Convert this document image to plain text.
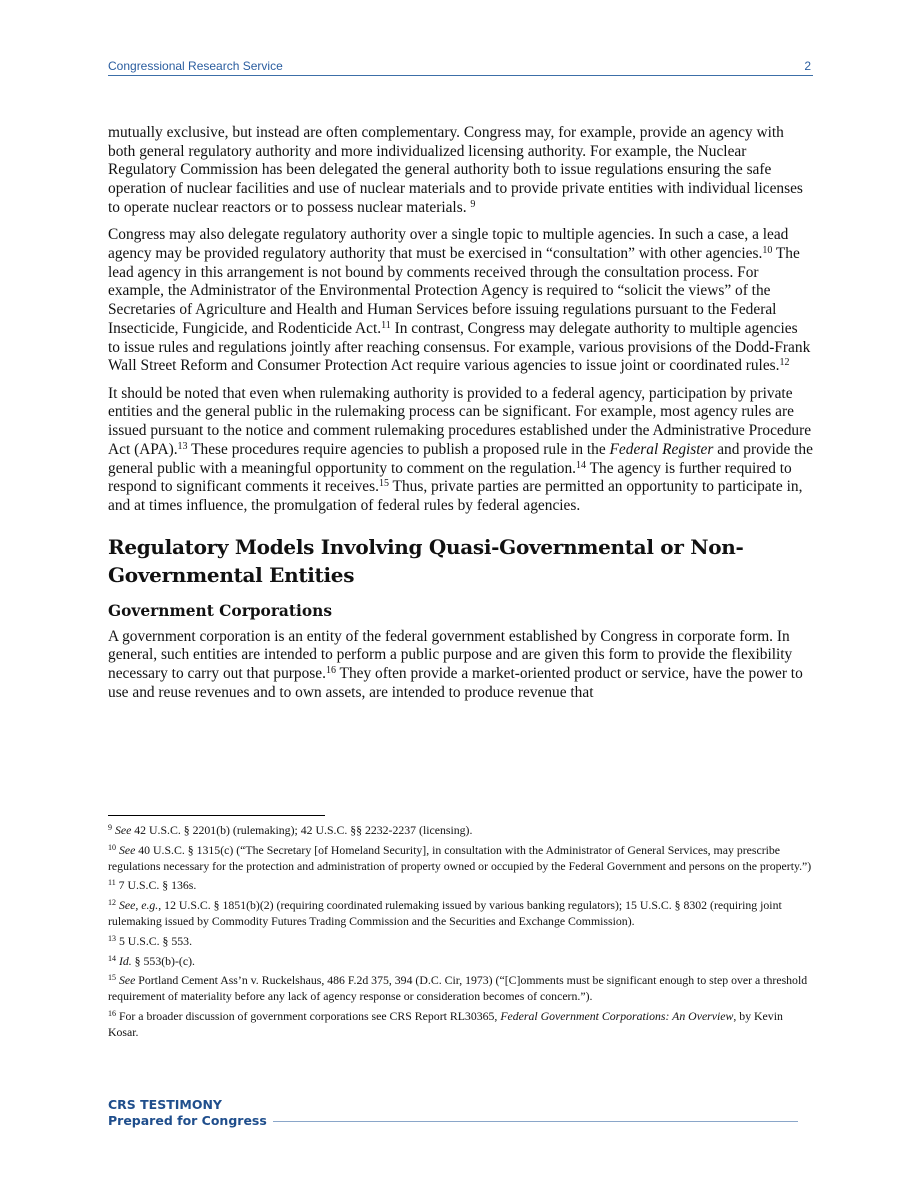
Congressional Research Service	2

mutually exclusive, but instead are often complementary. Congress may, for example, provide an agency with both general regulatory authority and more individualized licensing authority. For example, the Nuclear Regulatory Commission has been delegated the general authority both to issue regulations ensuring the safe operation of nuclear facilities and use of nuclear materials and to provide private entities with individual licenses to operate nuclear reactors or to possess nuclear materials. $^9$

Congress may also delegate regulatory authority over a single topic to multiple agencies. In such a case, a lead agency may be provided regulatory authority that must be exercised in “consultation” with other agencies.$^{10}$ The lead agency in this arrangement is not bound by comments received through the consultation process. For example, the Administrator of the Environmental Protection Agency is required to “solicit the views” of the Secretaries of Agriculture and Health and Human Services before issuing regulations pursuant to the Federal Insecticide, Fungicide, and Rodenticide Act.$^{11}$ In contrast, Congress may delegate authority to multiple agencies to issue rules and regulations jointly after reaching consensus. For example, various provisions of the Dodd-Frank Wall Street Reform and Consumer Protection Act require various agencies to issue joint or coordinated rules.$^{12}$

It should be noted that even when rulemaking authority is provided to a federal agency, participation by private entities and the general public in the rulemaking process can be significant. For example, most agency rules are issued pursuant to the notice and comment rulemaking procedures established under the Administrative Procedure Act (APA).$^{13}$ These procedures require agencies to publish a proposed rule in the Federal Register and provide the general public with a meaningful opportunity to comment on the regulation.$^{14}$ The agency is further required to respond to significant comments it receives.$^{15}$ Thus, private parties are permitted an opportunity to participate in, and at times influence, the promulgation of federal rules by federal agencies.

Regulatory Models Involving Quasi-Governmental or Non-
Governmental Entities
Government Corporations

A government corporation is an entity of the federal government established by Congress in corporate form. In general, such entities are intended to perform a public purpose and are given this form to provide the flexibility necessary to carry out that purpose.$^{16}$ They often provide a market-oriented product or service, have the power to use and reuse revenues and to own assets, are intended to produce revenue that

$^9$ See 42 U.S.C. § 2201(b) (rulemaking); 42 U.S.C. §§ 2232-2237 (licensing).

$^{10}$ See 40 U.S.C. § 1315(c) (“The Secretary [of Homeland Security], in consultation with the Administrator of General Services, may prescribe regulations necessary for the protection and administration of property owned or occupied by the Federal Government and persons on the property.”)

$^{11}$ 7 U.S.C. § 136s.

$^{12}$ See, e.g., 12 U.S.C. § 1851(b)(2) (requiring coordinated rulemaking issued by various banking regulators); 15 U.S.C. § 8302 (requiring joint rulemaking issued by Commodity Futures Trading Commission and the Securities and Exchange Commission).

$^{13}$ 5 U.S.C. § 553.

$^{14}$ Id. § 553(b)-(c).

$^{15}$ See Portland Cement Ass’n v. Ruckelshaus, 486 F.2d 375, 394 (D.C. Cir, 1973) (“[C]omments must be significant enough to step over a threshold requirement of materiality before any lack of agency response or consideration becomes of concern.”).

$^{16}$ For a broader discussion of government corporations see CRS Report RL30365, Federal Government Corporations: An Overview, by Kevin Kosar.

CRS TESTIMONY
Prepared for Congress
